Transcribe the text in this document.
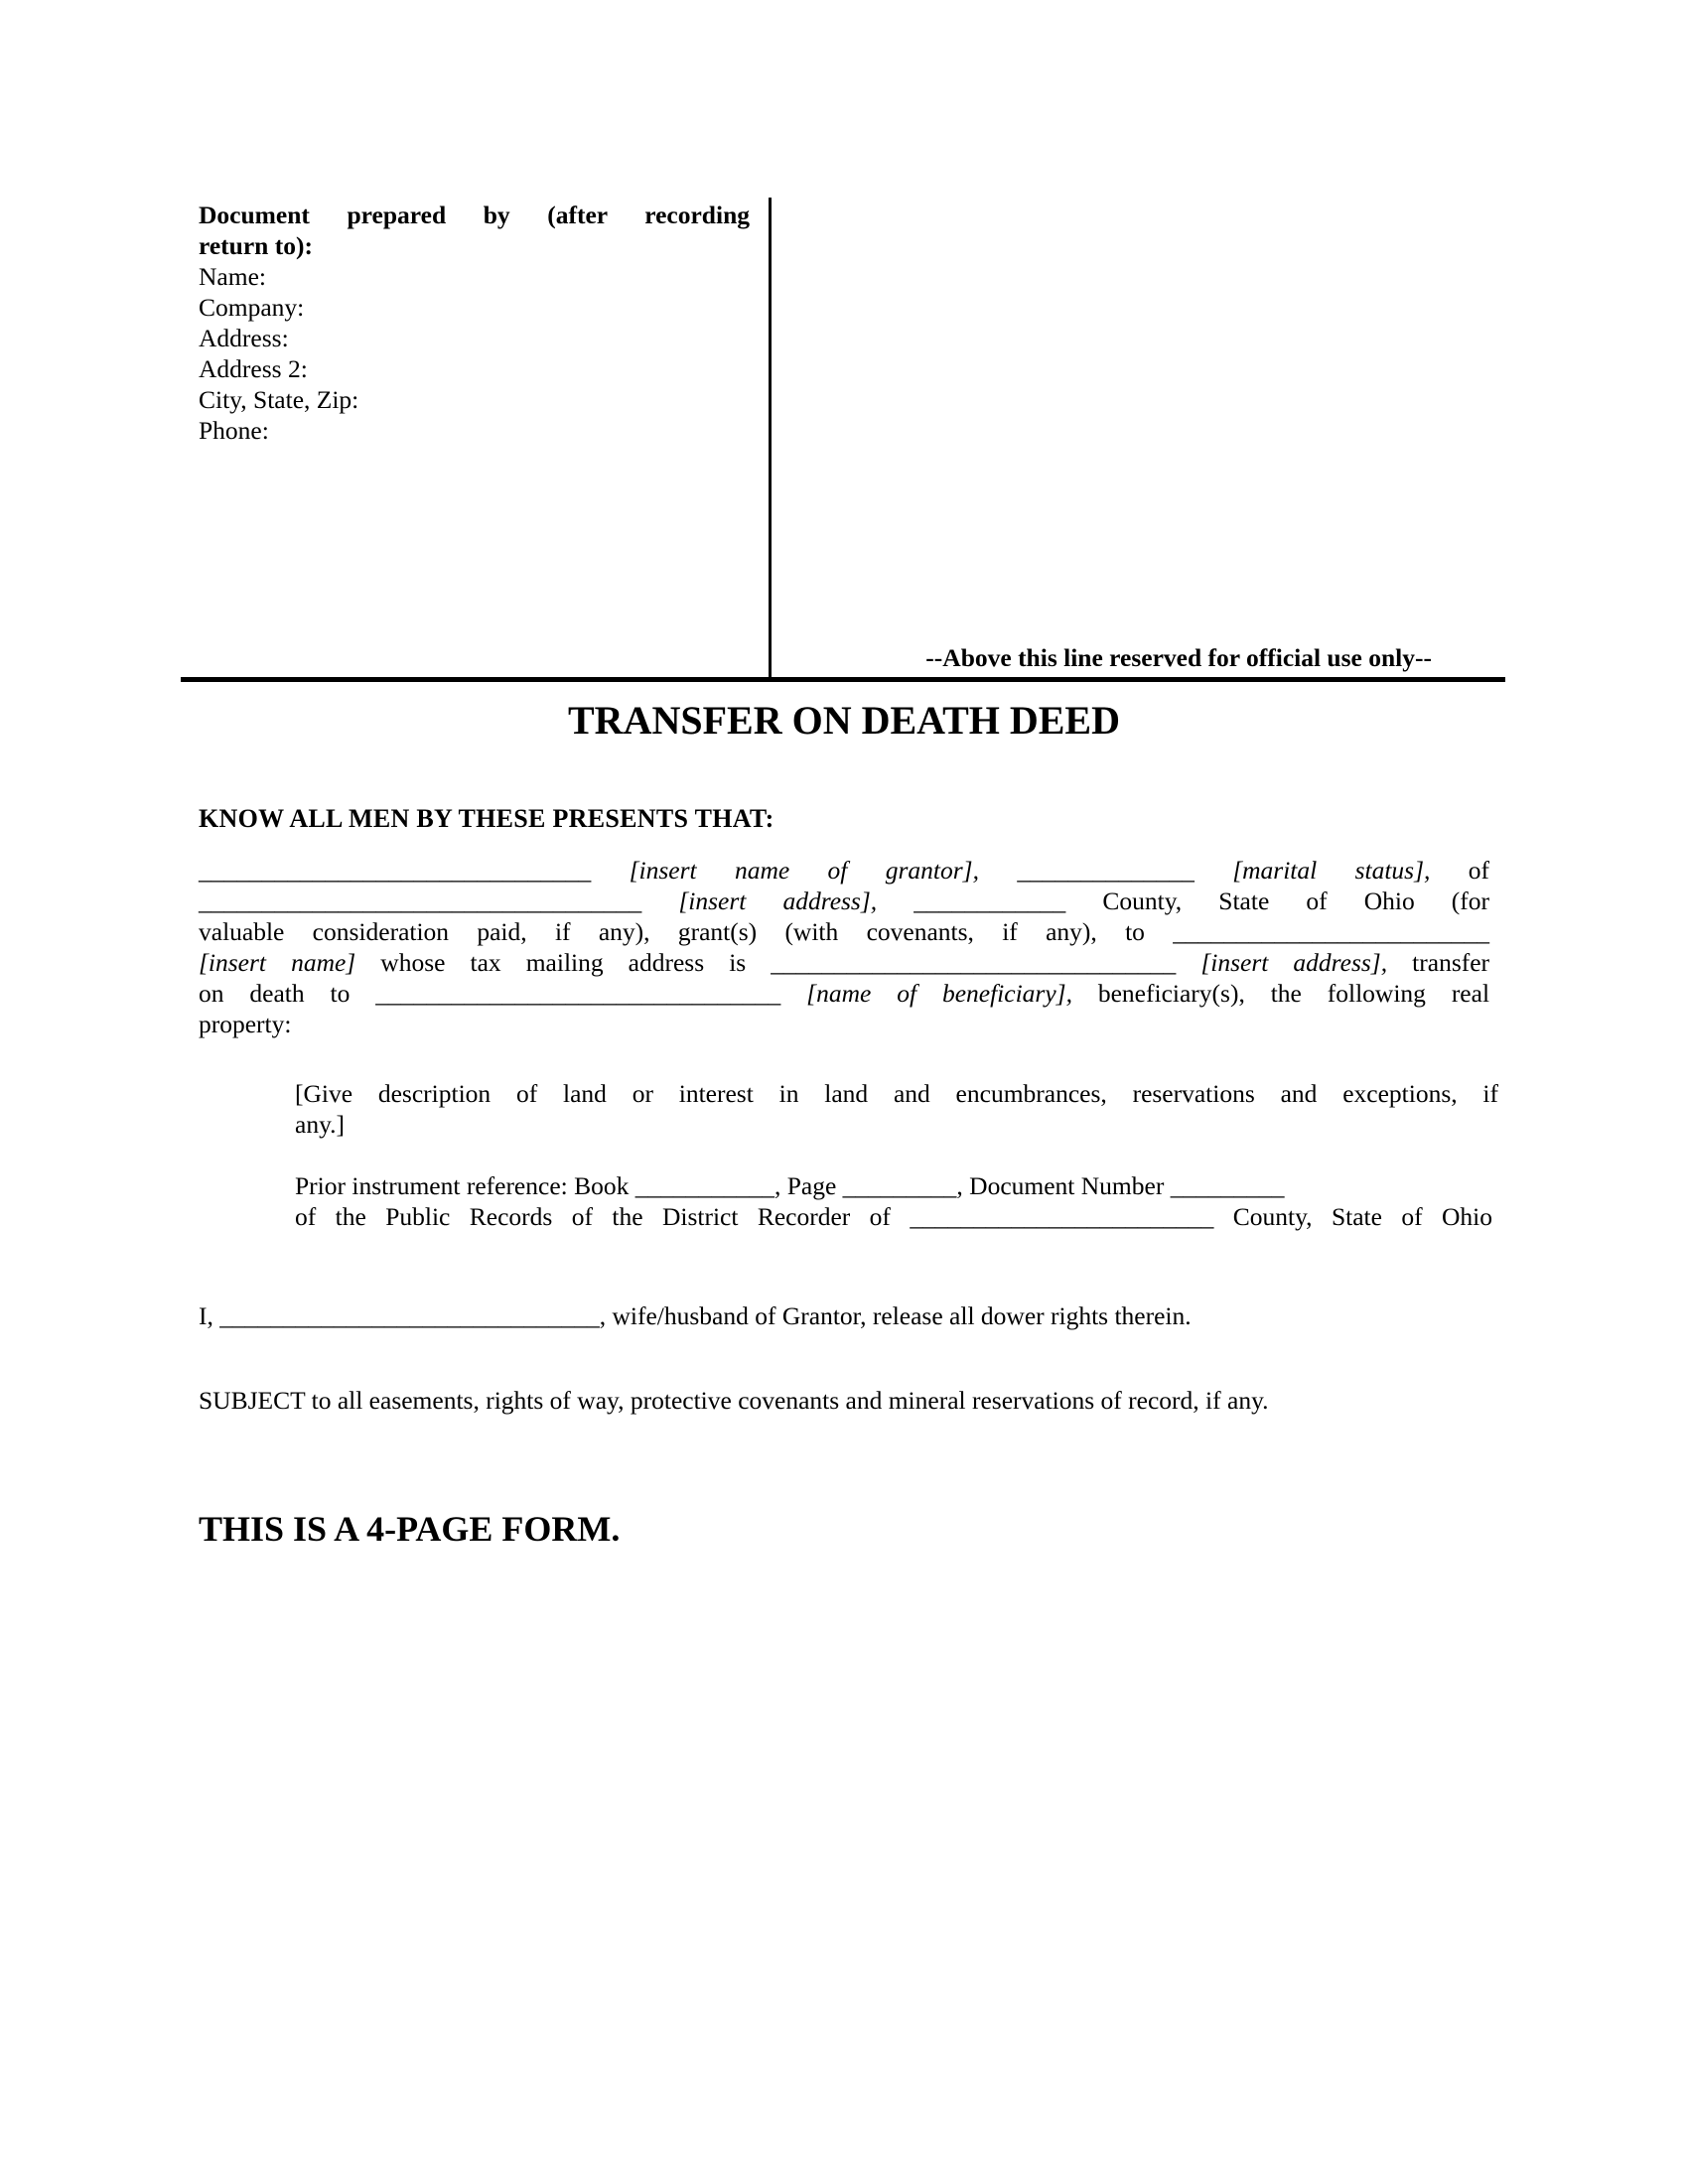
Document prepared by (after recording
return to):
Name:
Company:
Address:
Address 2:
City, State, Zip:
Phone:
--Above this line reserved for official use only--
TRANSFER ON DEATH DEED
KNOW ALL MEN BY THESE PRESENTS THAT:
_______________________________ [insert name of grantor], ______________ [marital status], of
___________________________________ [insert address], ____________ County, State of Ohio (for
valuable consideration paid, if any), grant(s) (with covenants, if any), to _________________________
[insert name] whose tax mailing address is ________________________________ [insert address], transfer
on death to ________________________________ [name of beneficiary], beneficiary(s), the following real
property:
[Give description of land or interest in land and encumbrances, reservations and exceptions, if
any.]
Prior instrument reference: Book ___________, Page _________, Document Number _________
of the Public Records of the District Recorder of ________________________ County, State of Ohio
I, ______________________________, wife/husband of Grantor, release all dower rights therein.
SUBJECT to all easements, rights of way, protective covenants and mineral reservations of record, if any.
THIS IS A 4-PAGE FORM.
